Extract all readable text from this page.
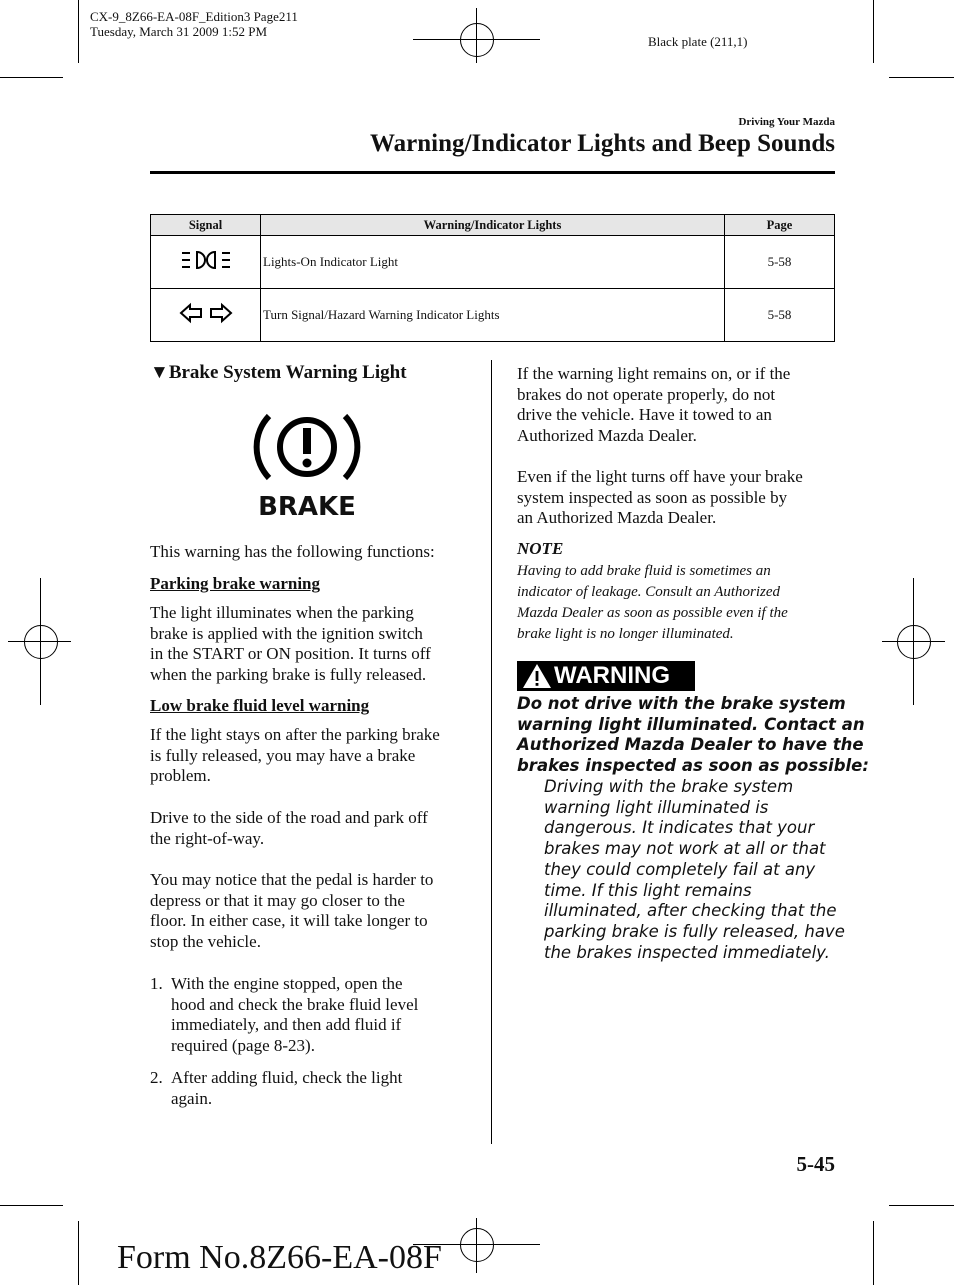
CX-9_8Z66-EA-08F_Edition3 Page211
Tuesday, March 31 2009 1:52 PM
Black plate (211,1)
Driving Your Mazda
Warning/Indicator Lights and Beep Sounds
Signal	Warning/Indicator Lights	Page
	Lights-On Indicator Light	5-58
	Turn Signal/Hazard Warning Indicator Lights	5-58
▼Brake System Warning Light
BRAKE
This warning has the following functions:
Parking brake warning
The light illuminates when the parking
brake is applied with the ignition switch
in the START or ON position. It turns off
when the parking brake is fully released.
Low brake fluid level warning
If the light stays on after the parking brake
is fully released, you may have a brake
problem.
Drive to the side of the road and park off
the right-of-way.
You may notice that the pedal is harder to
depress or that it may go closer to the
floor. In either case, it will take longer to
stop the vehicle.
1. With the engine stopped, open the
hood and check the brake fluid level
immediately, and then add fluid if
required (page 8-23).
2. After adding fluid, check the light
again.
If the warning light remains on, or if the
brakes do not operate properly, do not
drive the vehicle. Have it towed to an
Authorized Mazda Dealer.
Even if the light turns off have your brake
system inspected as soon as possible by
an Authorized Mazda Dealer.
NOTE
Having to add brake fluid is sometimes an
indicator of leakage. Consult an Authorized
Mazda Dealer as soon as possible even if the
brake light is no longer illuminated.
WARNING
Do not drive with the brake system
warning light illuminated. Contact an
Authorized Mazda Dealer to have the
brakes inspected as soon as possible:
Driving with the brake system
warning light illuminated is
dangerous. It indicates that your
brakes may not work at all or that
they could completely fail at any
time. If this light remains
illuminated, after checking that the
parking brake is fully released, have
the brakes inspected immediately.
5-45
Form No.8Z66-EA-08F
